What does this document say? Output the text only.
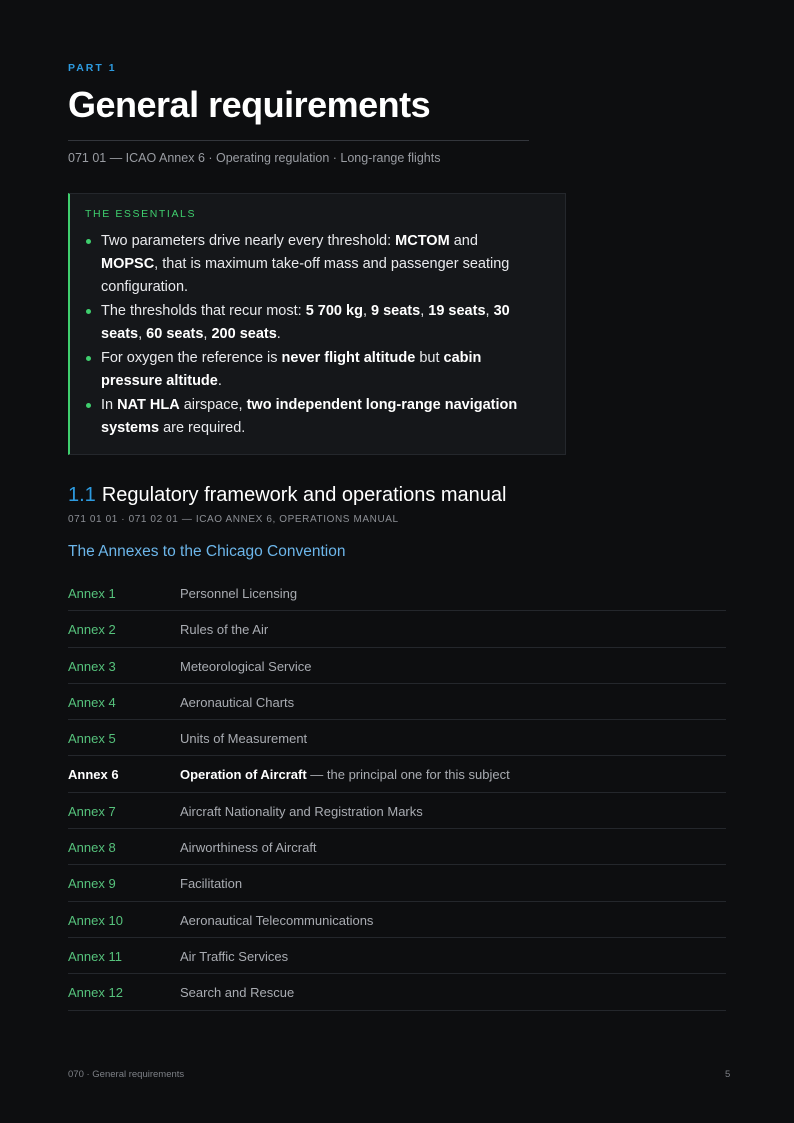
PART 1
General requirements
071 01 — ICAO Annex 6 · Operating regulation · Long-range flights
THE ESSENTIALS
Two parameters drive nearly every threshold: MCTOM and MOPSC, that is maximum take-off mass and passenger seating configuration.
The thresholds that recur most: 5 700 kg, 9 seats, 19 seats, 30 seats, 60 seats, 200 seats.
For oxygen the reference is never flight altitude but cabin pressure altitude.
In NAT HLA airspace, two independent long-range navigation systems are required.
1.1 Regulatory framework and operations manual
071 01 01 · 071 02 01 — ICAO ANNEX 6, OPERATIONS MANUAL
The Annexes to the Chicago Convention
Annex 1	Personnel Licensing
Annex 2	Rules of the Air
Annex 3	Meteorological Service
Annex 4	Aeronautical Charts
Annex 5	Units of Measurement
Annex 6	Operation of Aircraft — the principal one for this subject
Annex 7	Aircraft Nationality and Registration Marks
Annex 8	Airworthiness of Aircraft
Annex 9	Facilitation
Annex 10	Aeronautical Telecommunications
Annex 11	Air Traffic Services
Annex 12	Search and Rescue
070 · General requirements	5
